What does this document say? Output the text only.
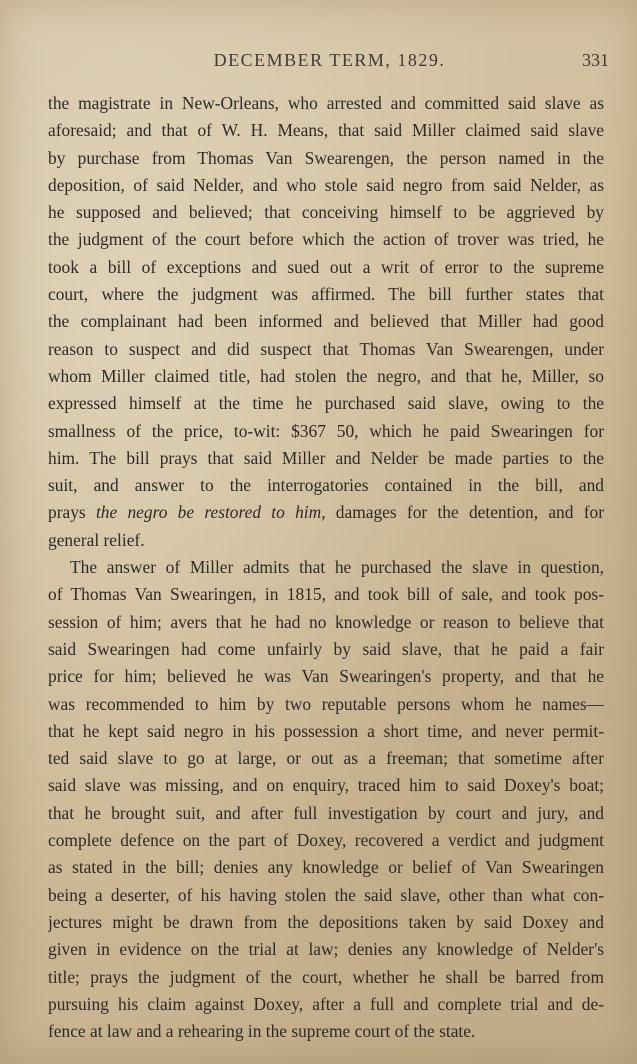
DECEMBER TERM, 1829.	331
the magistrate in New-Orleans, who arrested and committed said slave as
aforesaid; and that of W. H. Means, that said Miller claimed said slave
by purchase from Thomas Van Swearengen, the person named in the
deposition, of said Nelder, and who stole said negro from said Nelder, as
he supposed and believed; that conceiving himself to be aggrieved by
the judgment of the court before which the action of trover was tried, he
took a bill of exceptions and sued out a writ of error to the supreme
court, where the judgment was affirmed. The bill further states that
the complainant had been informed and believed that Miller had good
reason to suspect and did suspect that Thomas Van Swearengen, under
whom Miller claimed title, had stolen the negro, and that he, Miller, so
expressed himself at the time he purchased said slave, owing to the
smallness of the price, to-wit: $367 50, which he paid Swearingen for
him. The bill prays that said Miller and Nelder be made parties to the
suit, and answer to the interrogatories contained in the bill, and
prays the negro be restored to him, damages for the detention, and for
general relief.
The answer of Miller admits that he purchased the slave in question,
of Thomas Van Swearingen, in 1815, and took bill of sale, and took pos-
session of him; avers that he had no knowledge or reason to believe that
said Swearingen had come unfairly by said slave, that he paid a fair
price for him; believed he was Van Swearingen's property, and that he
was recommended to him by two reputable persons whom he names—
that he kept said negro in his possession a short time, and never permit-
ted said slave to go at large, or out as a freeman; that sometime after
said slave was missing, and on enquiry, traced him to said Doxey's boat;
that he brought suit, and after full investigation by court and jury, and
complete defence on the part of Doxey, recovered a verdict and judgment
as stated in the bill; denies any knowledge or belief of Van Swearingen
being a deserter, of his having stolen the said slave, other than what con-
jectures might be drawn from the depositions taken by said Doxey and
given in evidence on the trial at law; denies any knowledge of Nelder's
title; prays the judgment of the court, whether he shall be barred from
pursuing his claim against Doxey, after a full and complete trial and de-
fence at law and a rehearing in the supreme court of the state.
